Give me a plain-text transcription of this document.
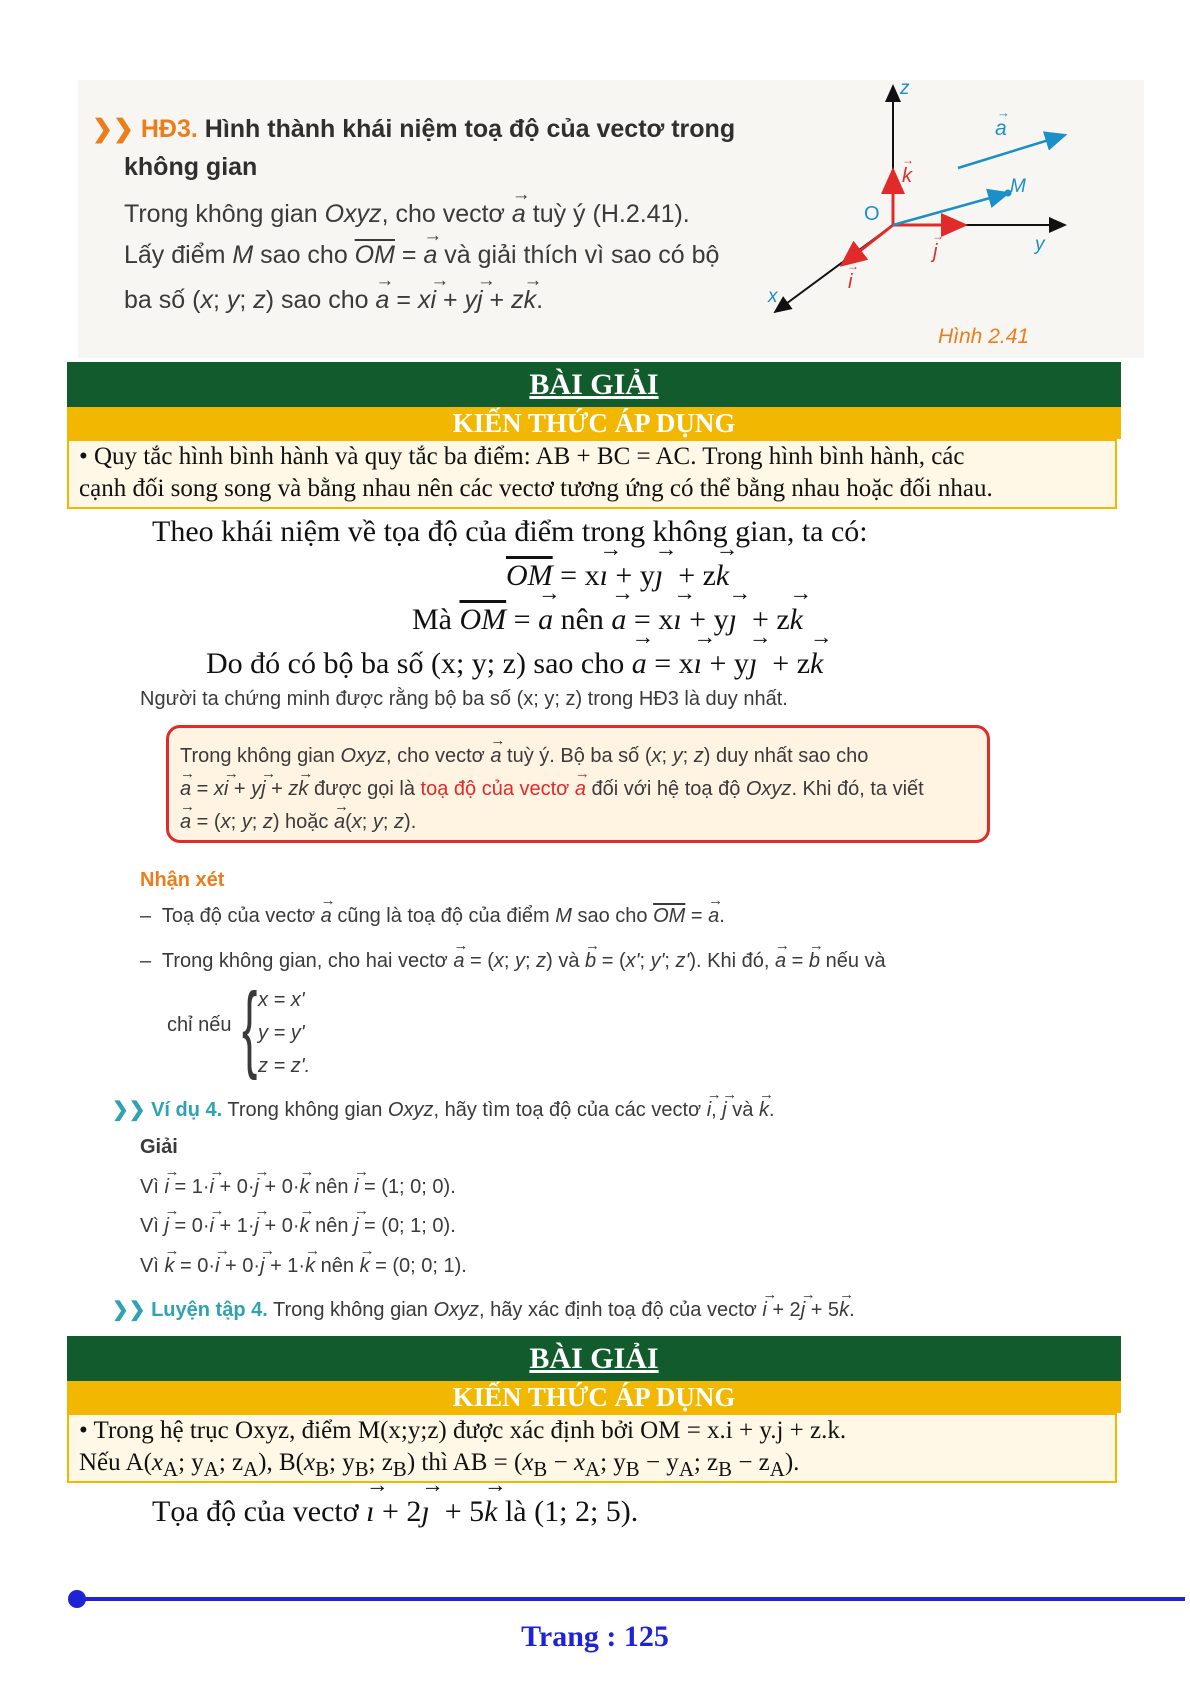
❯❯ HĐ3. Hình thành khái niệm toạ độ của vectơ trong
không gian
Trong không gian Oxyz, cho vectơ → a tuỳ ý (H.2.41).
Lấy điểm M sao cho $\overline{OM}$ = → a và giải thích vì sao có bộ
ba số (x; y; z) sao cho → a = x→ i + y→ j + z→ k.
z
y
x
O
M
a
→
k
→
j
→
i
→
Hình 2.41
BÀI GIẢI
KIẾN THỨC ÁP DỤNG
• Quy tắc hình bình hành và quy tắc ba điểm: AB + BC = AC. Trong hình bình hành, các
cạnh đối song song và bằng nhau nên các vectơ tương ứng có thể bằng nhau hoặc đối nhau.
Theo khái niệm về tọa độ của điểm trong không gian, ta có:
$\overline{OM} = x\to$ ı + y→ ȷ  + z→ k
Mà $\overline{OM}$ = → a nên → a = x→ ı + y→ ȷ  + z→ k
Do đó có bộ ba số (x; y; z) sao cho → a = x→ ı + y→ ȷ  + z→ k
Người ta chứng minh được rằng bộ ba số (x; y; z) trong HĐ3 là duy nhất.
Trong không gian Oxyz, cho vectơ → a tuỳ ý. Bộ ba số (x; y; z) duy nhất sao cho
→ a = x→ i + y→ j + z→ k được gọi là toạ độ của vectơ → a đối với hệ toạ độ Oxyz. Khi đó, ta viết
→ a = (x; y; z) hoặc → a(x; y; z).
Nhận xét
–  Toạ độ của vectơ → a cũng là toạ độ của điểm M sao cho $\overline{OM}$ = → a.
–  Trong không gian, cho hai vectơ → a = (x; y; z) và → b = (x'; y'; z'). Khi đó, → a = → b nếu và
chỉ nếu { x = x'
y = y'
z = z'.
❯❯ Ví dụ 4. Trong không gian Oxyz, hãy tìm toạ độ của các vectơ → i, → j và → k.
Giải
Vì → i = 1·→ i + 0·→ j + 0·→ k nên → i = (1; 0; 0).
Vì → j = 0·→ i + 1·→ j + 0·→ k nên → j = (0; 1; 0).
Vì → k = 0·→ i + 0·→ j + 1·→ k nên → k = (0; 0; 1).
❯❯ Luyện tập 4. Trong không gian Oxyz, hãy xác định toạ độ của vectơ → i + 2→ j + 5→ k.
BÀI GIẢI
KIẾN THỨC ÁP DỤNG
• Trong hệ trục Oxyz, điểm M(x;y;z) được xác định bởi OM = x.i + y.j + z.k.
Nếu $A(x_A$; $y_A$; $z_A$), $B(x_B$; $y_B$; $z_B$) thì AB = ($x_B - x_A$; $y_B - y_A$; $z_B - z_A$).
Tọa độ của vectơ → ı + 2→ ȷ  + 5→ k là (1; 2; 5).
Trang : 125
